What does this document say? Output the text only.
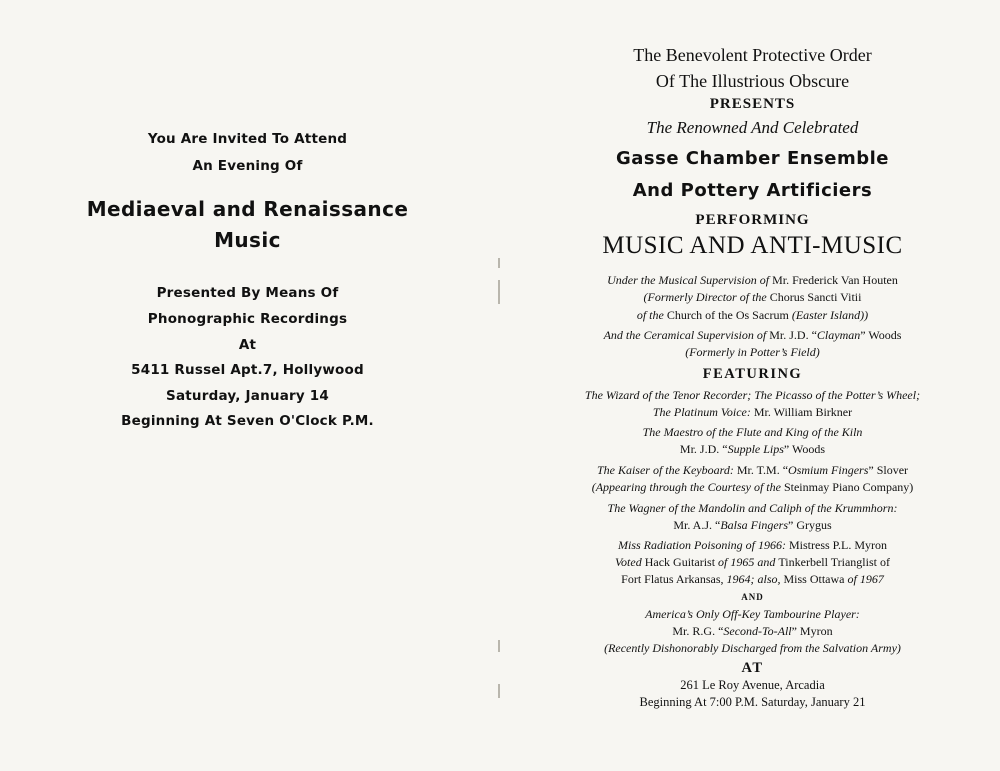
You Are Invited To Attend
An Evening Of
Mediaeval and Renaissance
Music
Presented By Means Of
Phonographic Recordings
At
5411 Russel Apt.7, Hollywood
Saturday, January 14
Beginning At Seven O'Clock P.M.
The Benevolent Protective Order
Of The Illustrious Obscure
PRESENTS
The Renowned And Celebrated
Gasse Chamber Ensemble
And Pottery Artificiers
PERFORMING
MUSIC AND ANTI-MUSIC
Under the Musical Supervision of Mr. Frederick Van Houten
(Formerly Director of the Chorus Sancti Vitii
of the Church of the Os Sacrum (Easter Island))
And the Ceramical Supervision of Mr. J.D. “Clayman” Woods
(Formerly in Potter’s Field)
FEATURING
The Wizard of the Tenor Recorder; The Picasso of the Potter’s Wheel;
The Platinum Voice: Mr. William Birkner
The Maestro of the Flute and King of the Kiln
Mr. J.D. “Supple Lips” Woods
The Kaiser of the Keyboard: Mr. T.M. “Osmium Fingers” Slover
(Appearing through the Courtesy of the Steinmay Piano Company)
The Wagner of the Mandolin and Caliph of the Krummhorn:
Mr. A.J. “Balsa Fingers” Grygus
Miss Radiation Poisoning of 1966: Mistress P.L. Myron
Voted Hack Guitarist of 1965 and Tinkerbell Trianglist of
Fort Flatus Arkansas, 1964; also, Miss Ottawa of 1967
AND
America’s Only Off-Key Tambourine Player:
Mr. R.G. “Second-To-All” Myron
(Recently Dishonorably Discharged from the Salvation Army)
AT
261 Le Roy Avenue, Arcadia
Beginning At 7:00 P.M. Saturday, January 21
